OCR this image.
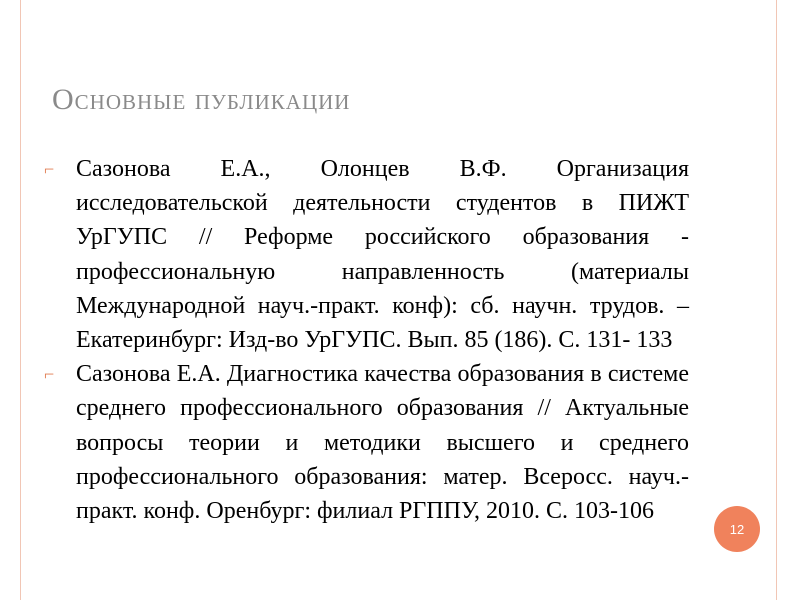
Основные публикации

⌐ Сазонова Е.А., Олонцев В.Ф. Организация исследовательской деятельности студентов в ПИЖТ УрГУПС // Реформе российского образования - профессиональную направленность (материалы Международной науч.-практ. конф): сб. научн. трудов. – Екатеринбург: Изд-во УрГУПС. Вып. 85 (186). С. 131- 133

⌐ Сазонова Е.А. Диагностика качества образования в системе среднего профессионального образования // Актуальные вопросы теории и методики высшего и среднего профессионального образования: матер. Всеросс. науч.-практ. конф. Оренбург: филиал РГППУ, 2010. С. 103-106

12
